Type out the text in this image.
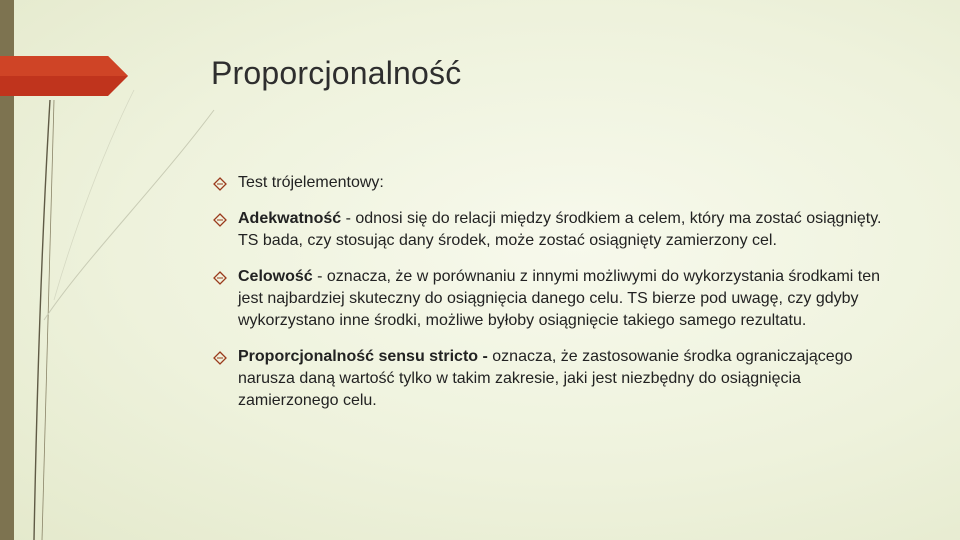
Proporcjonalność
Test trójelementowy:
Adekwatność - odnosi się do relacji między środkiem a celem, który ma zostać osiągnięty. TS bada, czy stosując dany środek, może zostać osiągnięty zamierzony cel.
Celowość - oznacza, że w porównaniu z innymi możliwymi do wykorzystania środkami ten jest najbardziej skuteczny do osiągnięcia danego celu. TS bierze pod uwagę, czy gdyby wykorzystano inne środki, możliwe byłoby osiągnięcie takiego samego rezultatu.
Proporcjonalność sensu stricto - oznacza, że zastosowanie środka ograniczającego narusza daną wartość tylko w takim zakresie, jaki jest niezbędny do osiągnięcia zamierzonego celu.
